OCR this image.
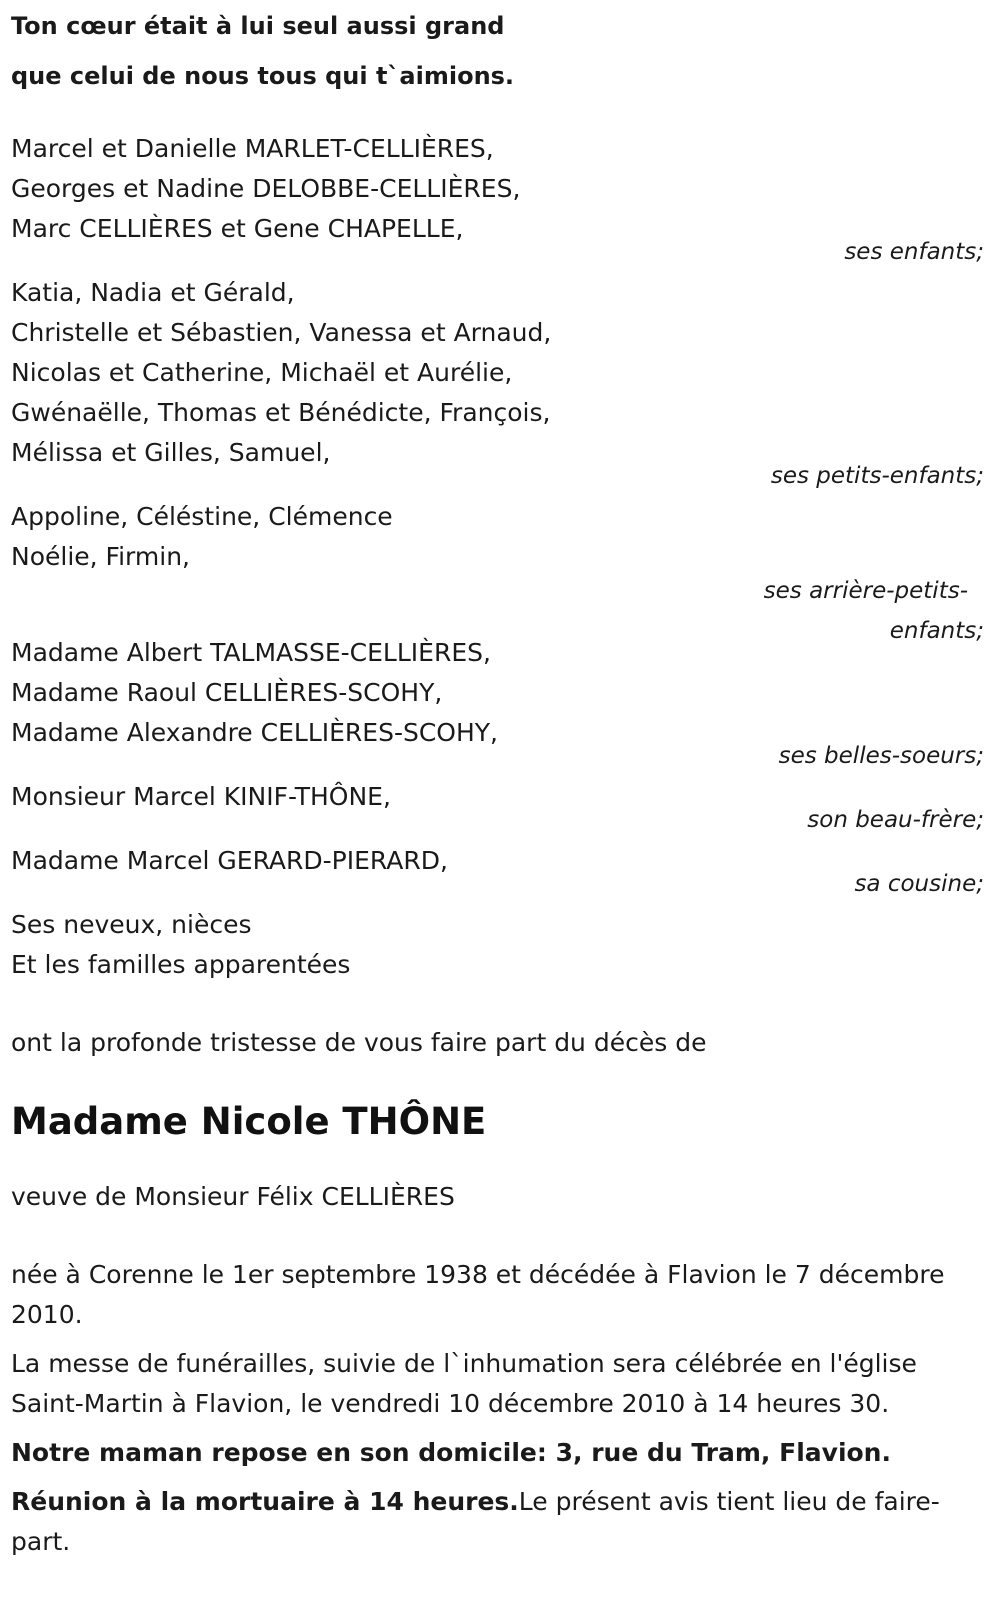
Ton cœur était à lui seul aussi grand
que celui de nous tous qui t`aimions.
Marcel et Danielle MARLET-CELLIÈRES,
Georges et Nadine DELOBBE-CELLIÈRES,
Marc CELLIÈRES et Gene CHAPELLE,
ses enfants;
Katia, Nadia et Gérald,
Christelle et Sébastien, Vanessa et Arnaud,
Nicolas et Catherine, Michaël et Aurélie,
Gwénaëlle, Thomas et Bénédicte, François,
Mélissa et Gilles, Samuel,
ses petits-enfants;
Appoline, Céléstine, Clémence
Noélie, Firmin,
ses arrière-petits-
enfants;
Madame Albert TALMASSE-CELLIÈRES,
Madame Raoul CELLIÈRES-SCOHY,
Madame Alexandre CELLIÈRES-SCOHY,
ses belles-soeurs;
Monsieur Marcel KINIF-THÔNE,
son beau-frère;
Madame Marcel GERARD-PIERARD,
sa cousine;
Ses neveux, nièces
Et les familles apparentées
ont la profonde tristesse de vous faire part du décès de
Madame Nicole THÔNE
veuve de Monsieur Félix CELLIÈRES
née à Corenne le 1er septembre 1938 et décédée à Flavion le 7 décembre 2010.
La messe de funérailles, suivie de l`inhumation sera célébrée en l'église Saint-Martin à Flavion, le vendredi 10 décembre 2010 à 14 heures 30.
Notre maman repose en son domicile: 3, rue du Tram, Flavion.
Réunion à la mortuaire à 14 heures.Le présent avis tient lieu de faire-part.
